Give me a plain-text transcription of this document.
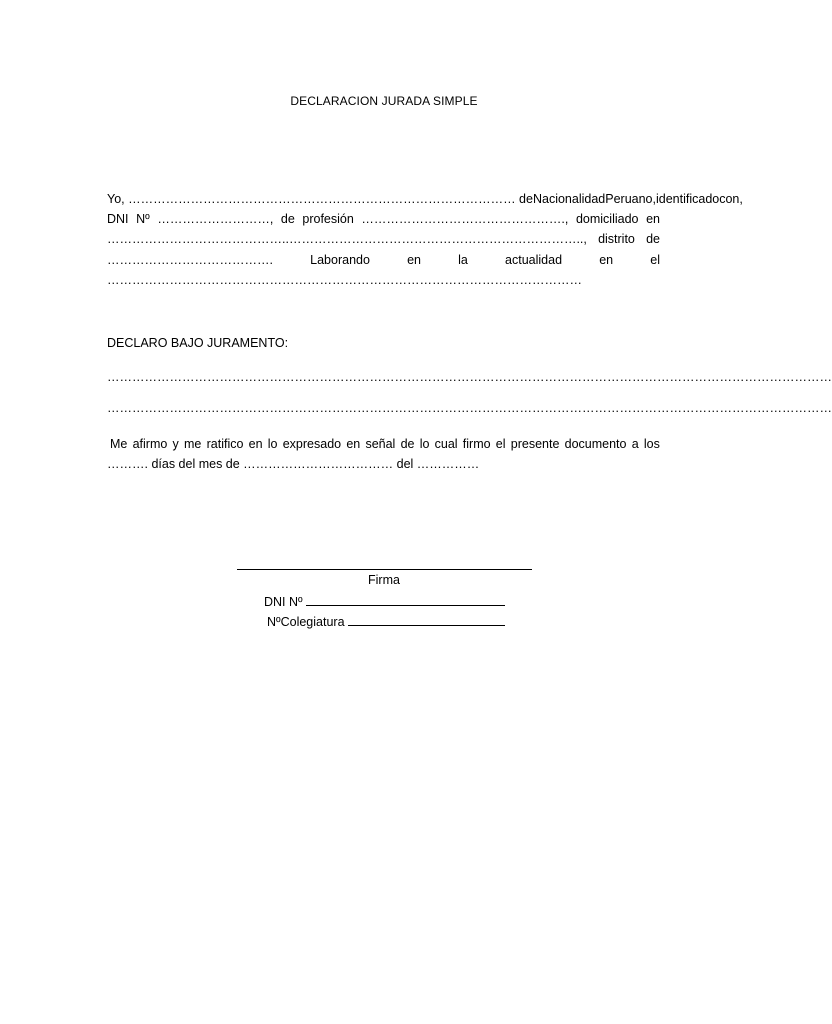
DECLARACION JURADA SIMPLE
Yo, ………………………………………………………………………………… de Nacionalidad Peruano, identificado con,
DNI Nº ………………………, de profesión …………………………………………., domiciliado en
……………………………………..…………………………………………………………….., distrito de
………………………………….	Laborando	en	la	actualidad	en	el
……………………………………………………………………………………………………
DECLARO BAJO JURAMENTO:
…………………………………………………………………………………………………………………………………………………………
…………………………………………………………………………………………………………………………………………………………
Me afirmo y me ratifico en lo expresado en señal de lo cual firmo el presente documento a los
………. días del mes de ……………………………… del ……………
Firma
DNI Nº
NºColegiatura
